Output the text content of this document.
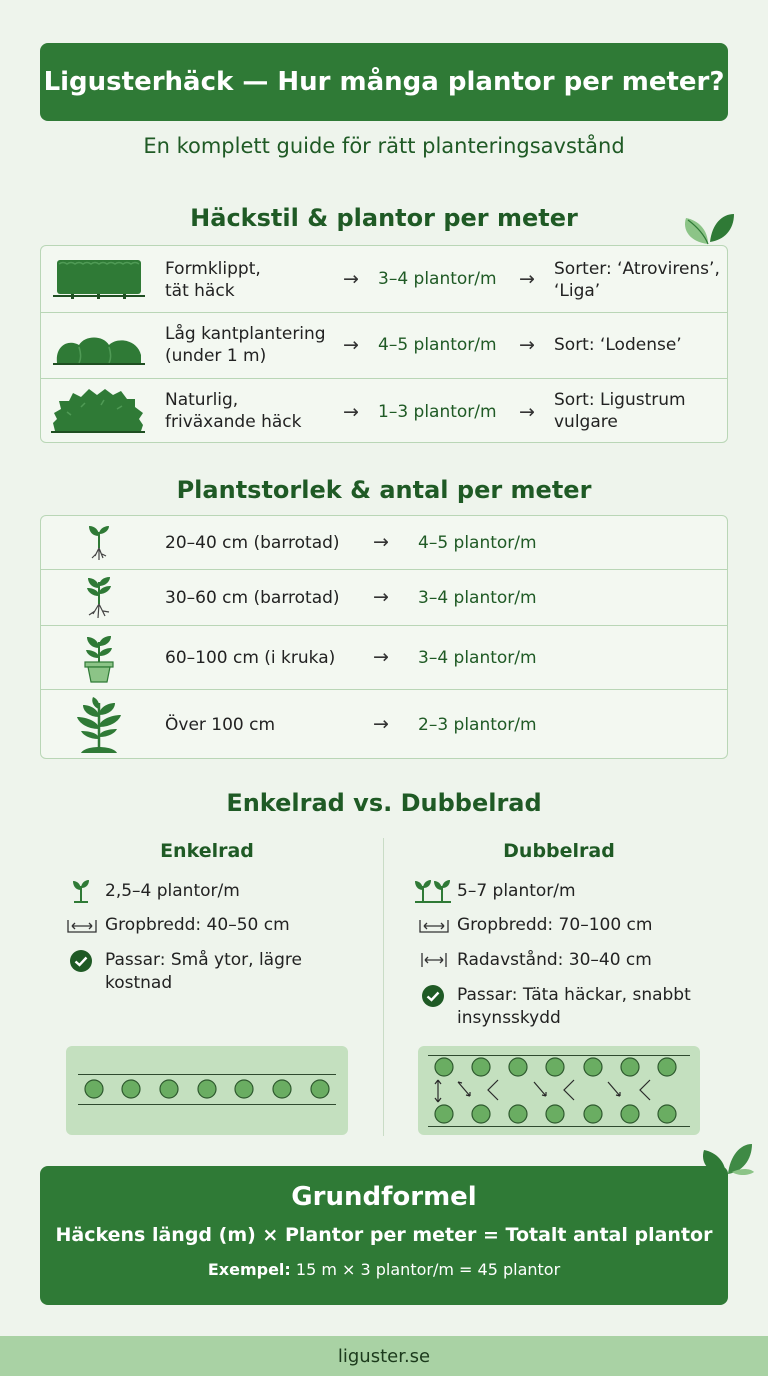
Ligusterhäck — Hur många plantor per meter?
En komplett guide för rätt planteringsavstånd
Häckstil & plantor per meter
Formklippt,
tät häck
→ 3–4 plantor/m → Sorter: ‘Atrovirens’,
‘Liga’
Låg kantplantering
(under 1 m)	→ 4–5 plantor/m → Sort: ‘Lodense’
Naturlig,
friväxande häck → 1–3 plantor/m →
Sort: Ligustrum
vulgare
Plantstorlek & antal per meter
20–40 cm (barrotad) → 4–5 plantor/m
30–60 cm (barrotad) → 3–4 plantor/m
60–100 cm (i kruka) → 3–4 plantor/m
Över 100 cm	→ 2–3 plantor/m
Enkelrad vs. Dubbelrad
Enkelrad
2,5–4 plantor/m
Gropbredd: 40–50 cm
Passar: Små ytor, lägre
kostnad
Dubbelrad
5–7 plantor/m
Gropbredd: 70–100 cm
Radavstånd: 30–40 cm
Passar: Täta häckar, snabbt
insynsskydd
Grundformel
Häckens längd (m) × Plantor per meter = Totalt antal plantor
Exempel: 15 m × 3 plantor/m = 45 plantor
liguster.se
